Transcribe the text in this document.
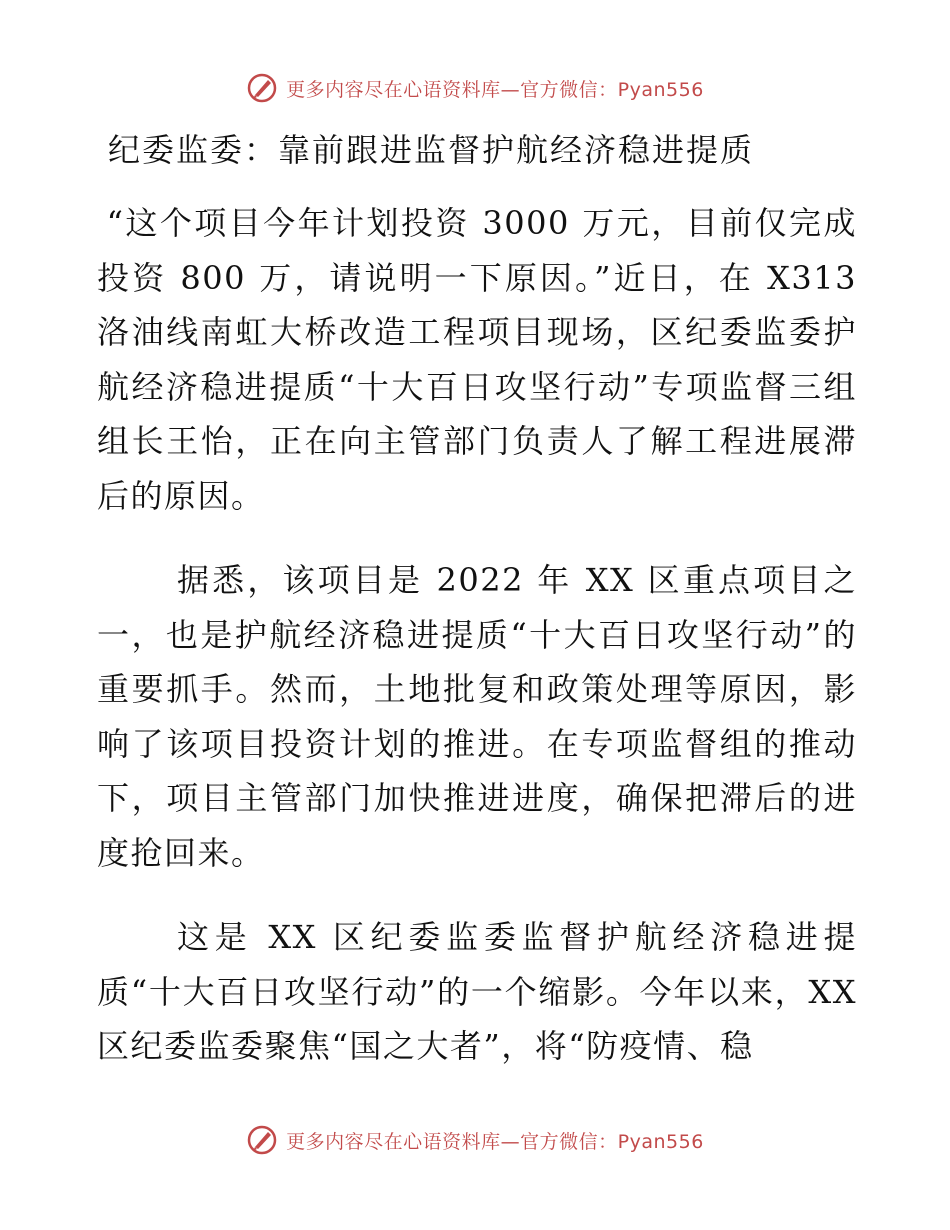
更多内容尽在心语资料库—官方微信：Pyan556
纪委监委：靠前跟进监督护航经济稳进提质

“这个项目今年计划投资 3000 万元，目前仅完成投资 800 万，请说明一下原因。”近日，在 X313 洛油线南虹大桥改造工程项目现场，区纪委监委护航经济稳进提质“十大百日攻坚行动”专项监督三组组长王怡，正在向主管部门负责人了解工程进展滞后的原因。

据悉，该项目是 2022 年 XX 区重点项目之一，也是护航经济稳进提质“十大百日攻坚行动”的重要抓手。然而，土地批复和政策处理等原因，影响了该项目投资计划的推进。在专项监督组的推动下，项目主管部门加快推进进度，确保把滞后的进度抢回来。

这是 XX 区纪委监委监督护航经济稳进提质“十大百日攻坚行动”的一个缩影。今年以来，XX 区纪委监委聚焦“国之大者”，将“防疫情、稳

更多内容尽在心语资料库—官方微信：Pyan556
